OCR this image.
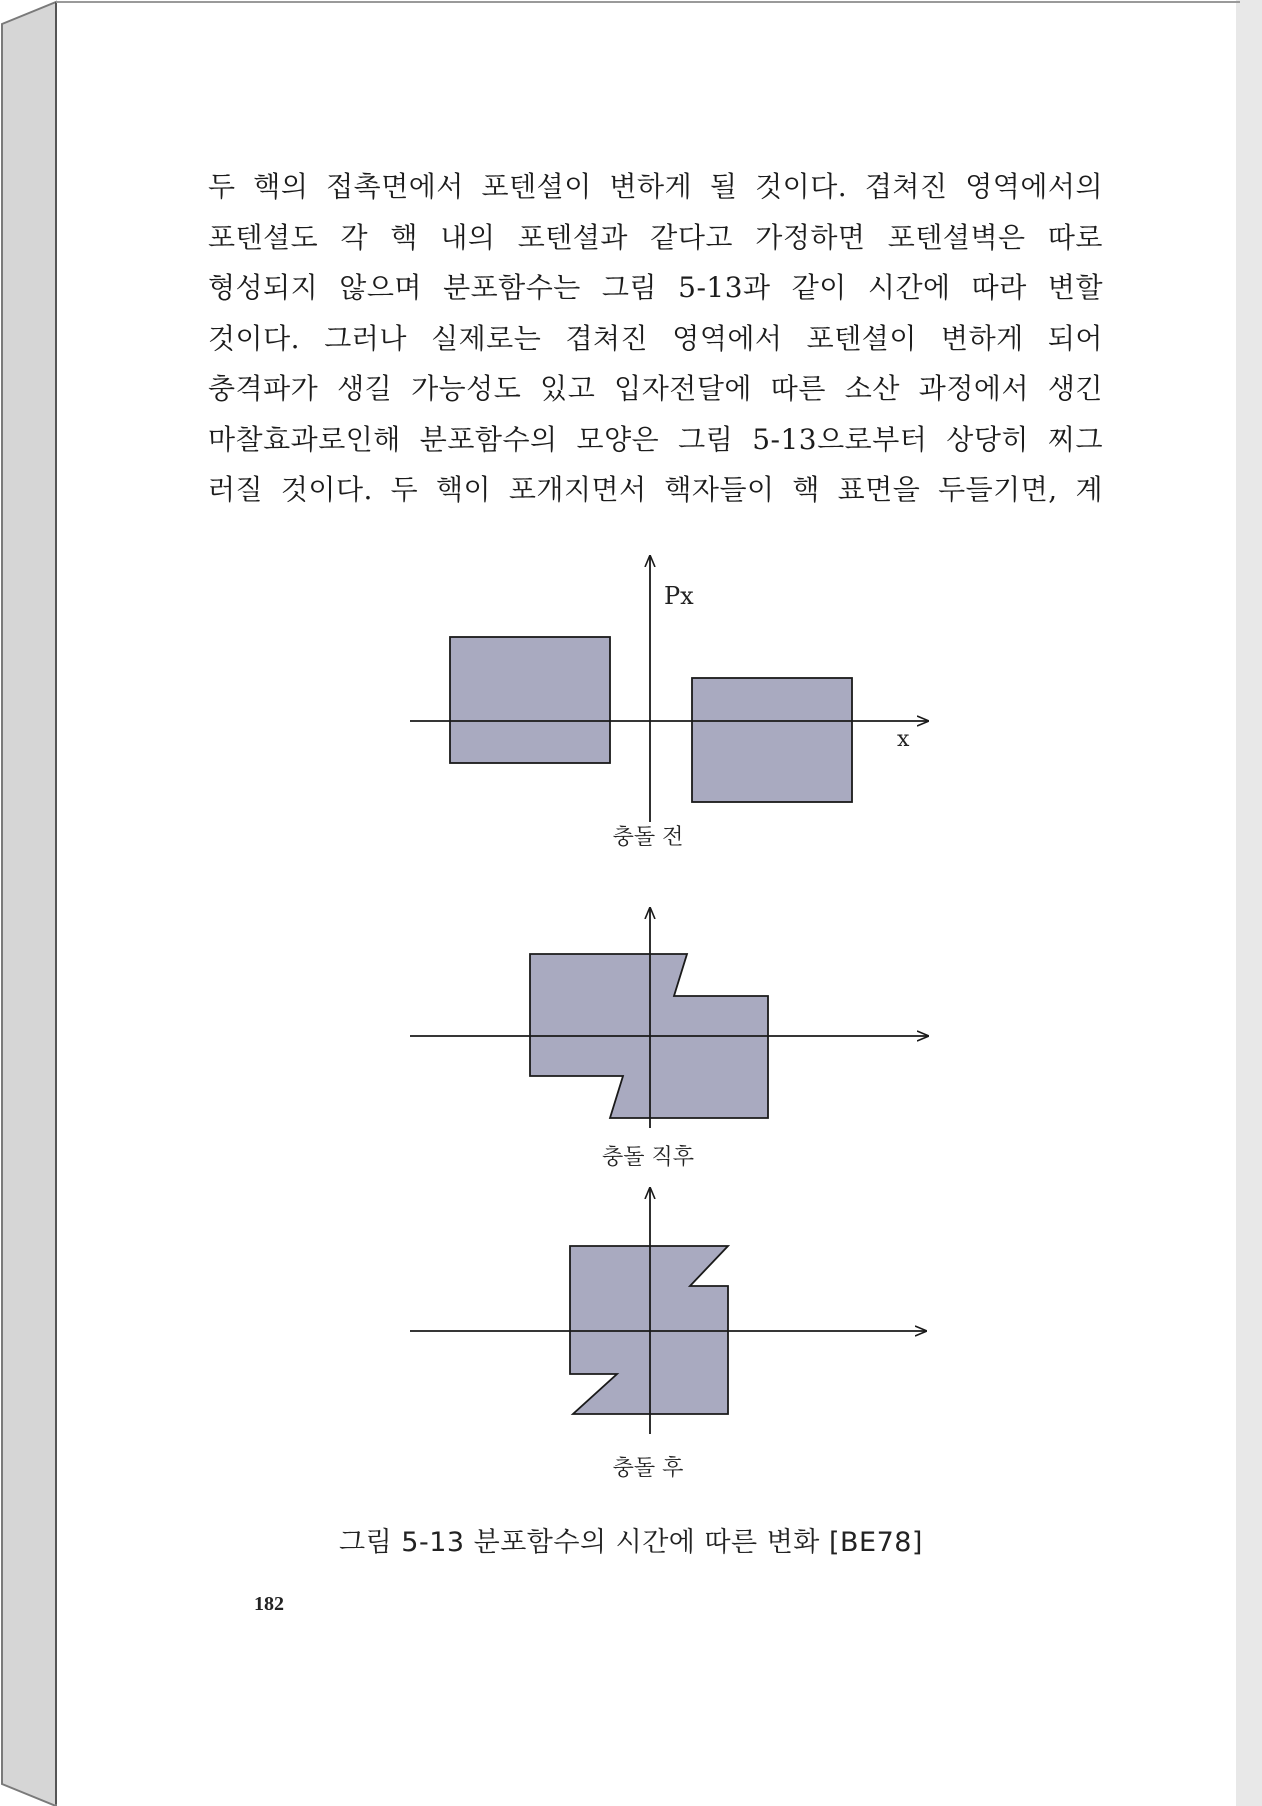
두 핵의 접촉면에서 포텐셜이 변하게 될 것이다. 겹쳐진 영역에서의
포텐셜도 각 핵 내의 포텐셜과 같다고 가정하면 포텐셜벽은 따로
형성되지 않으며 분포함수는 그림 5-13과 같이 시간에 따라 변할
것이다. 그러나 실제로는 겹쳐진 영역에서 포텐셜이 변하게 되어
충격파가 생길 가능성도 있고 입자전달에 따른 소산 과정에서 생긴
마찰효과로인해 분포함수의 모양은 그림 5-13으로부터 상당히 찌그
러질 것이다. 두 핵이 포개지면서 핵자들이 핵 표면을 두들기면, 계
Px
x
충돌 전
충돌 직후
충돌 후
그림 5-13 분포함수의 시간에 따른 변화 [BE78]
182
